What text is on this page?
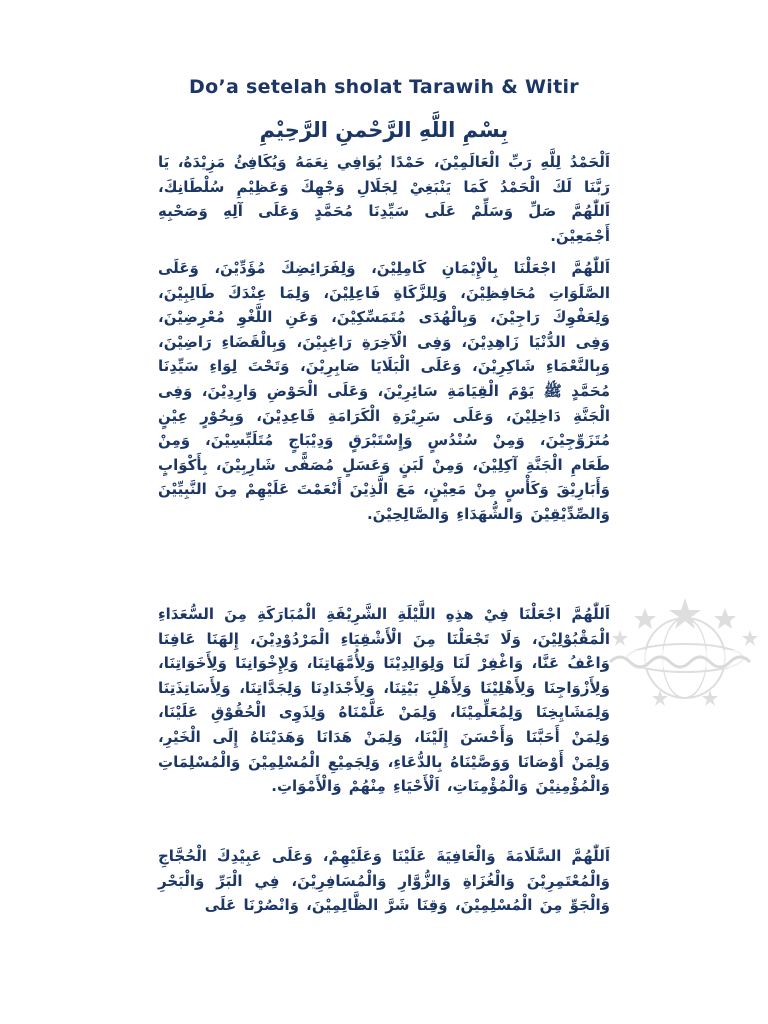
Do’a setelah sholat Tarawih & Witir
بِسْمِ اللَّهِ الرَّحْمنِ الرَّحِيْمِ
اَلْحَمْدُ لِلَّهِ رَبِّ الْعَالَمِيْنَ، حَمْدًا يُوَافِي نِعَمَهُ وَيُكَافِئُ مَزِيْدَهُ، يَا رَبَّنَا لَكَ الْحَمْدُ كَمَا يَنْبَغِيْ لِجَلَالِ وَجْهِكَ وَعَظِيْمِ سُلْطَانِكَ، اَللّٰهُمَّ صَلِّ وَسَلِّمْ عَلَى سَيِّدِنَا مُحَمَّدٍ وَعَلَى آلِهِ وَصَحْبِهِ أَجْمَعِيْنَ.
اَللّٰهُمَّ اجْعَلْنَا بِالْإِيْمَانِ كَامِلِيْنَ، وَلِفَرَائِضِكَ مُؤَدِّيْنَ، وَعَلَى الصَّلَوَاتِ مُحَافِظِيْنَ، وَلِلزَّكَاةِ فَاعِلِيْنَ، وَلِمَا عِنْدَكَ طَالِبِيْنَ، وَلِعَفْوِكَ رَاجِيْنَ، وَبِالْهُدَى مُتَمَسِّكِيْنَ، وَعَنِ اللَّغْوِ مُعْرِضِيْنَ، وَفِى الدُّنْيَا زَاهِدِيْنَ، وَفِى الْآخِرَةِ رَاغِبِيْنَ، وَبِالْقَضَاءِ رَاضِيْنَ، وَبِالنَّعْمَاءِ شَاكِرِيْنَ، وَعَلَى الْبَلَايَا صَابِرِيْنَ، وَتَحْتَ لِوَاءِ سَيِّدِنَا مُحَمَّدٍ ﷺ يَوْمَ الْقِيَامَةِ سَائِرِيْنَ، وَعَلَى الْحَوْضِ وَارِدِيْنَ، وَفِى الْجَنَّةِ دَاخِلِيْنَ، وَعَلَى سَرِيْرَةِ الْكَرَامَةِ قَاعِدِيْنَ، وَبِحُوْرٍ عِيْنٍ مُتَزَوِّجِيْنَ، وَمِنْ سُنْدُسٍ وَإِسْتَبْرَقٍ وَدِيْبَاجٍ مُتَلَبِّسِيْنَ، وَمِنْ طَعَامِ الْجَنَّةِ آكِلِيْنَ، وَمِنْ لَبَنٍ وَعَسَلٍ مُصَفًّى شَارِبِيْنَ، بِأَكْوَابٍ وَأَبَارِيْقَ وَكَأْسٍ مِنْ مَعِيْنٍ، مَعَ الَّذِيْنَ أَنْعَمْتَ عَلَيْهِمْ مِنَ النَّبِيِّيْنَ وَالصِّدِّيْقِيْنَ وَالشُّهَدَاءِ وَالصَّالِحِيْنَ.
اَللّٰهُمَّ اجْعَلْنَا فِيْ هذِهِ اللَّيْلَةِ الشَّرِيْفَةِ الْمُبَارَكَةِ مِنَ السُّعَدَاءِ الْمَقْبُوْلِيْنَ، وَلَا تَجْعَلْنَا مِنَ الْأَشْقِيَاءِ الْمَرْدُوْدِيْنَ، إِلهَنَا عَافِنَا وَاعْفُ عَنَّا، وَاغْفِرْ لَنَا وَلِوَالِدِيْنَا وَلِأُمَّهَاتِنَا، وَلِإِخْوَانِنَا وَلِأَخَوَاتِنَا، وَلِأَزْوَاجِنَا وَلِأَهْلِيْنَا وَلِأَهْلِ بَيْتِنَا، وَلِأَجْدَادِنَا وَلِجَدَّاتِنَا، وَلِأَسَاتِذَتِنَا وَلِمَشَايِخِنَا وَلِمُعَلِّمِيْنَا، وَلِمَنْ عَلَّمْنَاهُ وَلِذَوِى الْحُقُوْقِ عَلَيْنَا، وَلِمَنْ أَحَبَّنَا وَأَحْسَنَ إِلَيْنَا، وَلِمَنْ هَدَانَا وَهَدَيْنَاهُ إِلَى الْخَيْرِ، وَلِمَنْ أَوْصَانَا وَوَصَّيْنَاهُ بِالدُّعَاءِ، وَلِجَمِيْعِ الْمُسْلِمِيْنَ وَالْمُسْلِمَاتِ وَالْمُؤْمِنِيْنَ وَالْمُؤْمِنَاتِ، اَلْأَحْيَاءِ مِنْهُمْ وَالْأَمْوَاتِ.
اَللّٰهُمَّ السَّلَامَةَ وَالْعَافِيَةَ عَلَيْنَا وَعَلَيْهِمْ، وَعَلَى عَبِيْدِكَ الْحُجَّاجِ وَالْمُعْتَمِرِيْنَ وَالْغُزَاةِ وَالزُّوَّارِ وَالْمُسَافِرِيْنَ، فِي الْبَرِّ وَالْبَحْرِ وَالْجَوِّ مِنَ الْمُسْلِمِيْنَ، وَقِنَا شَرَّ الظَّالِمِيْنَ، وَانْصُرْنَا عَلَى
